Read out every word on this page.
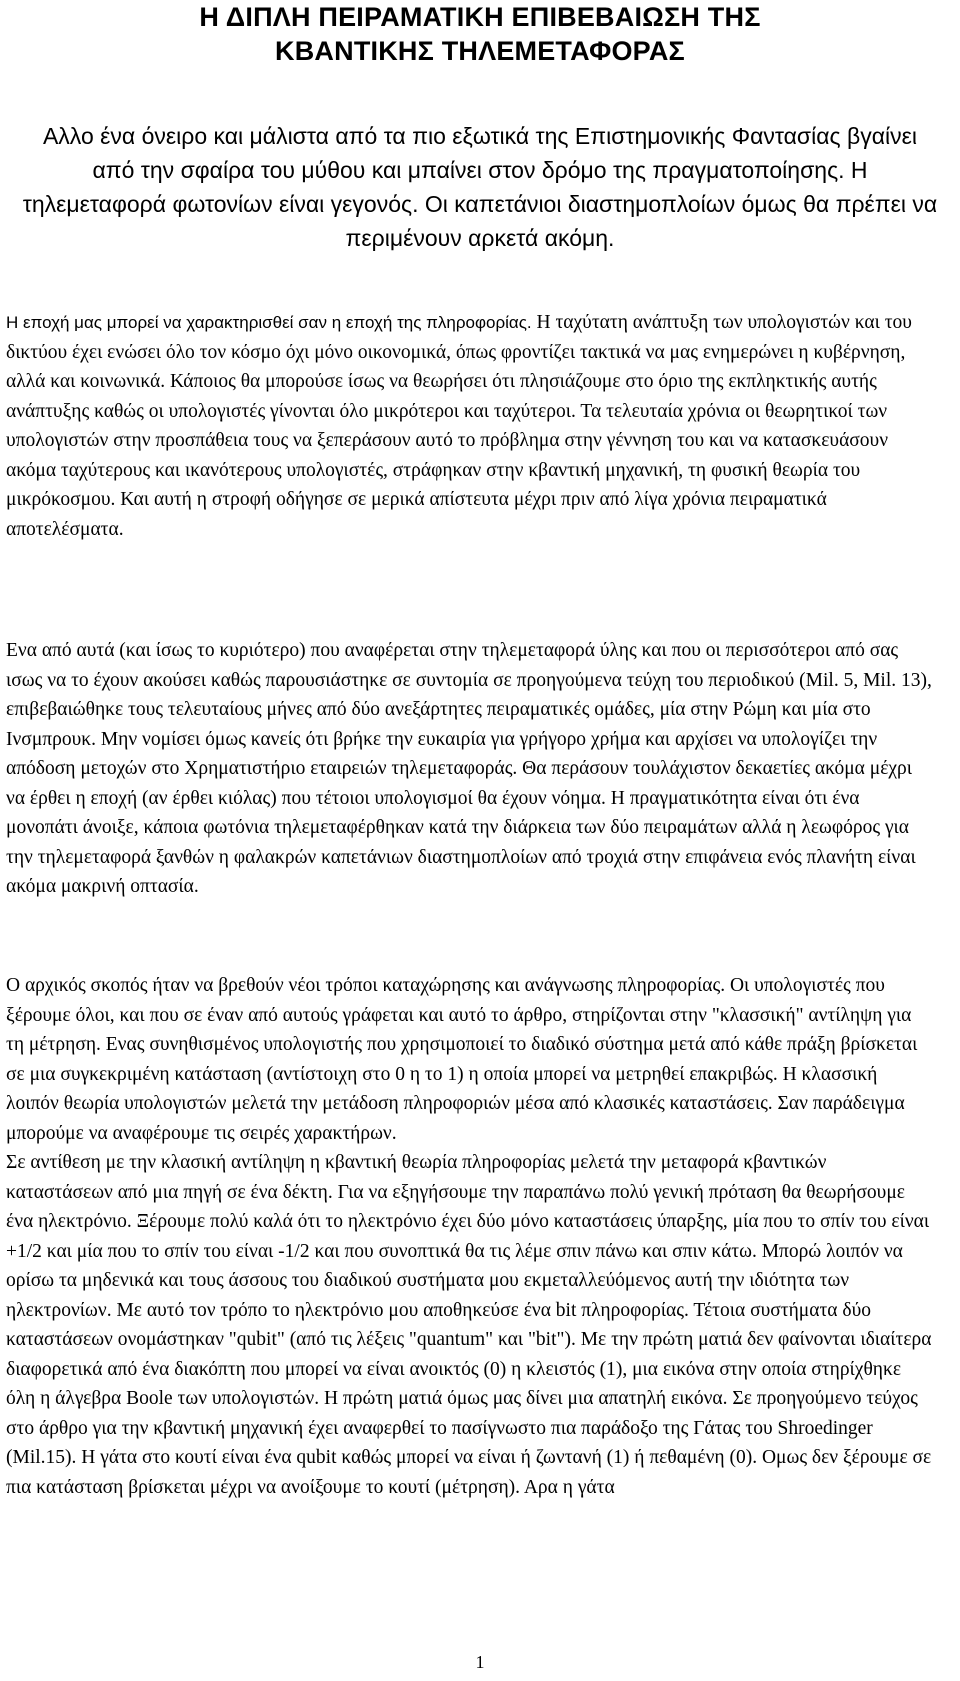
Η ΔΙΠΛΗ ΠΕΙΡΑΜΑΤΙΚΗ ΕΠΙΒΕΒΑΙΩΣΗ ΤΗΣ
ΚΒΑΝΤΙΚΗΣ ΤΗΛΕΜΕΤΑΦΟΡΑΣ

Αλλο ένα όνειρο και μάλιστα από τα πιο εξωτικά της Επιστημονικής Φαντασίας βγαίνει από την σφαίρα του μύθου και μπαίνει στον δρόμο της πραγματοποίησης. Η τηλεμεταφορά φωτονίων είναι γεγονός. Οι καπετάνιοι διαστημοπλοίων όμως θα πρέπει να περιμένουν αρκετά ακόμη.

Η εποχή μας μπορεί να χαρακτηρισθεί σαν η εποχή της πληροφορίας. Η ταχύτατη ανάπτυξη των υπολογιστών και του δικτύου έχει ενώσει όλο τον κόσμο όχι μόνο οικονομικά, όπως φροντίζει τακτικά να μας ενημερώνει η κυβέρνηση, αλλά και κοινωνικά. Κάποιος θα μπορούσε ίσως να θεωρήσει ότι πλησιάζουμε στο όριο της εκπληκτικής αυτής ανάπτυξης καθώς οι υπολογιστές γίνονται όλο μικρότεροι και ταχύτεροι. Τα τελευταία χρόνια οι θεωρητικοί των υπολογιστών στην προσπάθεια τους να ξεπεράσουν αυτό το πρόβλημα στην γέννηση του και να κατασκευάσουν ακόμα ταχύτερους και ικανότερους υπολογιστές, στράφηκαν στην κβαντική μηχανική, τη φυσική θεωρία του μικρόκοσμου. Και αυτή η στροφή οδήγησε σε μερικά απίστευτα μέχρι πριν από λίγα χρόνια πειραματικά αποτελέσματα.

Ενα από αυτά (και ίσως το κυριότερο) που αναφέρεται στην τηλεμεταφορά ύλης και που οι περισσότεροι από σας ισως να το έχουν ακούσει καθώς παρουσιάστηκε σε συντομία σε προηγούμενα τεύχη του περιοδικού (Mil. 5, Mil. 13), επιβεβαιώθηκε τους τελευταίους μήνες από δύο ανεξάρτητες πειραματικές ομάδες, μία στην Ρώμη και μία στο Ινσμπρουκ. Μην νομίσει όμως κανείς ότι βρήκε την ευκαιρία για γρήγορο χρήμα και αρχίσει να υπολογίζει την απόδοση μετοχών στο Χρηματιστήριο εταιρειών τηλεμεταφοράς. Θα περάσουν τουλάχιστον δεκαετίες ακόμα μέχρι να έρθει η εποχή (αν έρθει κιόλας) που τέτοιοι υπολογισμοί θα έχουν νόημα. Η πραγματικότητα είναι ότι ένα μονοπάτι άνοιξε, κάποια φωτόνια τηλεμεταφέρθηκαν κατά την διάρκεια των δύο πειραμάτων αλλά η λεωφόρος για την τηλεμεταφορά ξανθών η φαλακρών καπετάνιων διαστημοπλοίων από τροχιά στην επιφάνεια ενός πλανήτη είναι ακόμα μακρινή οπτασία.

Ο αρχικός σκοπός ήταν να βρεθούν νέοι τρόποι καταχώρησης και ανάγνωσης πληροφορίας. Οι υπολογιστές που ξέρουμε όλοι, και που σε έναν από αυτούς γράφεται και αυτό το άρθρο, στηρίζονται στην "κλασσική" αντίληψη για τη μέτρηση. Ενας συνηθισμένος υπολογιστής που χρησιμοποιεί το διαδικό σύστημα μετά από κάθε πράξη βρίσκεται σε μια συγκεκριμένη κατάσταση (αντίστοιχη στο 0 η το 1) η οποία μπορεί να μετρηθεί επακριβώς. Η κλασσική λοιπόν θεωρία υπολογιστών μελετά την μετάδοση πληροφοριών μέσα από κλασικές καταστάσεις. Σαν παράδειγμα μπορούμε να αναφέρουμε τις σειρές χαρακτήρων.

Σε αντίθεση με την κλασική αντίληψη η κβαντική θεωρία πληροφορίας μελετά την μεταφορά κβαντικών καταστάσεων από μια πηγή σε ένα δέκτη. Για να εξηγήσουμε την παραπάνω πολύ γενική πρόταση θα θεωρήσουμε ένα ηλεκτρόνιο. Ξέρουμε πολύ καλά ότι το ηλεκτρόνιο έχει δύο μόνο καταστάσεις ύπαρξης, μία που το σπίν του είναι +1/2 και μία που το σπίν του είναι -1/2 και που συνοπτικά θα τις λέμε σπιν πάνω και σπιν κάτω. Μπορώ λοιπόν να ορίσω τα μηδενικά και τους άσσους του διαδικού συστήματα μου εκμεταλλεύόμενος αυτή την ιδιότητα των ηλεκτρονίων. Με αυτό τον τρόπο το ηλεκτρόνιο μου αποθηκεύσε ένα bit πληροφορίας. Τέτοια συστήματα δύο καταστάσεων ονομάστηκαν "qubit" (από τις λέξεις "quantum" και "bit"). Με την πρώτη ματιά δεν φαίνονται ιδιαίτερα διαφορετικά από ένα διακόπτη που μπορεί να είναι ανοικτός (0) η κλειστός (1), μια εικόνα στην οποία στηρίχθηκε όλη η άλγεβρα Boole των υπολογιστών. Η πρώτη ματιά όμως μας δίνει μια απατηλή εικόνα. Σε προηγούμενο τεύχος στο άρθρο για την κβαντική μηχανική έχει αναφερθεί το πασίγνωστο πια παράδοξο της Γάτας του Shroedinger (Mil.15). Η γάτα στο κουτί είναι ένα qubit καθώς μπορεί να είναι ή ζωντανή (1) ή πεθαμένη (0). Ομως δεν ξέρουμε σε πια κατάσταση βρίσκεται μέχρι να ανοίξουμε το κουτί (μέτρηση). Αρα η γάτα

1
